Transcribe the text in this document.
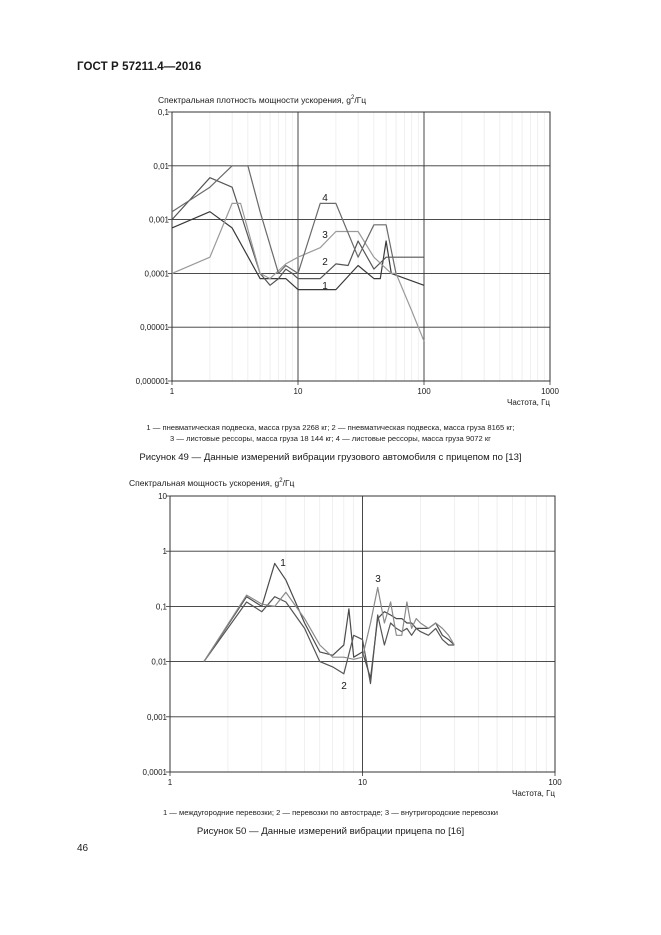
ГОСТ Р 57211.4—2016
Спектральная плотность мощности ускорения, $g^2/Гц$
0,000001
0,00001
0,0001
0,001
0,01
0,1
1	10	100	1000
Частота, Гц
1
2
3
4
1 — пневматическая подвеска, масса груза 2268 кг; 2 — пневматическая подвеска, масса груза 8165 кг;
3 — листовые рессоры, масса груза 18 144 кг; 4 — листовые рессоры, масса груза 9072 кг
Рисунок 49 — Данные измерений вибрации грузового автомобиля с прицепом по [13]
Спектральная мощность ускорения, $g^2/Гц$
0,0001
0,001
0,01
0,1
1
10
1	10	100
Частота, Гц
1
2
3
1 — междугородние перевозки; 2 — перевозки по автостраде; 3 — внутригородские перевозки
Рисунок 50 — Данные измерений вибрации прицепа по [16]
46
